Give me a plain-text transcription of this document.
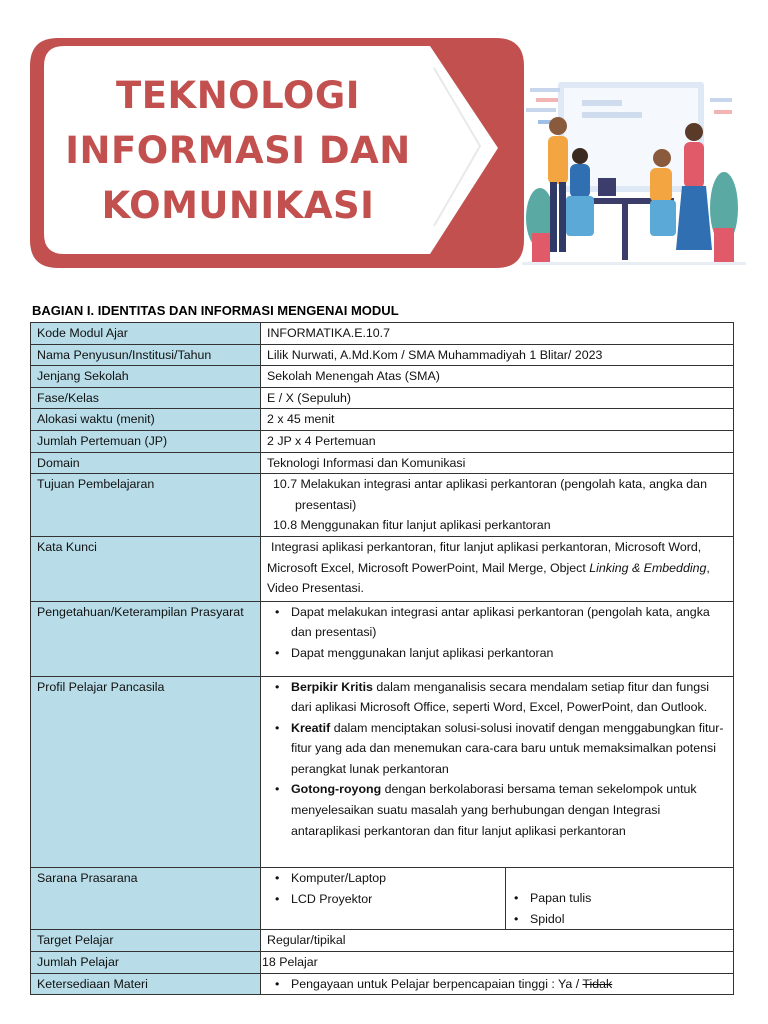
TEKNOLOGI
INFORMASI DAN
KOMUNIKASI
BAGIAN I. IDENTITAS DAN INFORMASI MENGENAI MODUL
Kode Modul Ajar	INFORMATIKA.E.10.7
Nama Penyusun/Institusi/Tahun	Lilik Nurwati, A.Md.Kom / SMA Muhammadiyah 1 Blitar/ 2023
Jenjang Sekolah	Sekolah Menengah Atas (SMA)
Fase/Kelas	E / X (Sepuluh)
Alokasi waktu (menit)	2 x 45 menit
Jumlah Pertemuan (JP)	2 JP x 4 Pertemuan
Domain	Teknologi Informasi dan Komunikasi
Tujuan Pembelajaran	10.7 Melakukan integrasi antar aplikasi perkantoran (pengolah kata, angka dan presentasi)
10.8 Menggunakan fitur lanjut aplikasi perkantoran

Kata Kunci	Integrasi aplikasi perkantoran, fitur lanjut aplikasi perkantoran, Microsoft Word, Microsoft Excel, Microsoft PowerPoint, Mail Merge, Object Linking & Embedding, Video Presentasi.
Pengetahuan/Keterampilan Prasyarat	
•Dapat melakukan integrasi antar aplikasi perkantoran (pengolah kata, angka dan presentasi)
• Dapat menggunakan lanjut aplikasi perkantoran

Profil Pelajar Pancasila	
•Berpikir Kritis dalam menganalisis secara mendalam setiap fitur dan fungsi dari aplikasi Microsoft Office, seperti Word, Excel, PowerPoint, dan Outlook.
• Kreatif dalam menciptakan solusi-solusi inovatif dengan menggabungkan fitur-fitur yang ada dan menemukan cara-cara baru untuk memaksimalkan potensi perangkat lunak perkantoran
• Gotong-royong dengan berkolaborasi bersama teman sekelompok untuk menyelesaikan suatu masalah yang berhubungan dengan Integrasi antaraplikasi perkantoran dan fitur lanjut aplikasi perkantoran

Sarana Prasarana	
•	Komputer/Laptop
• LCD Proyektor

•Papan tulis
• Spidol

Target Pelajar	Regular/tipikal
Jumlah Pelajar	18 Pelajar
Ketersediaan Materi	
•Pengayaan untuk Pelajar berpencapaian tinggi : Ya / Tidak
